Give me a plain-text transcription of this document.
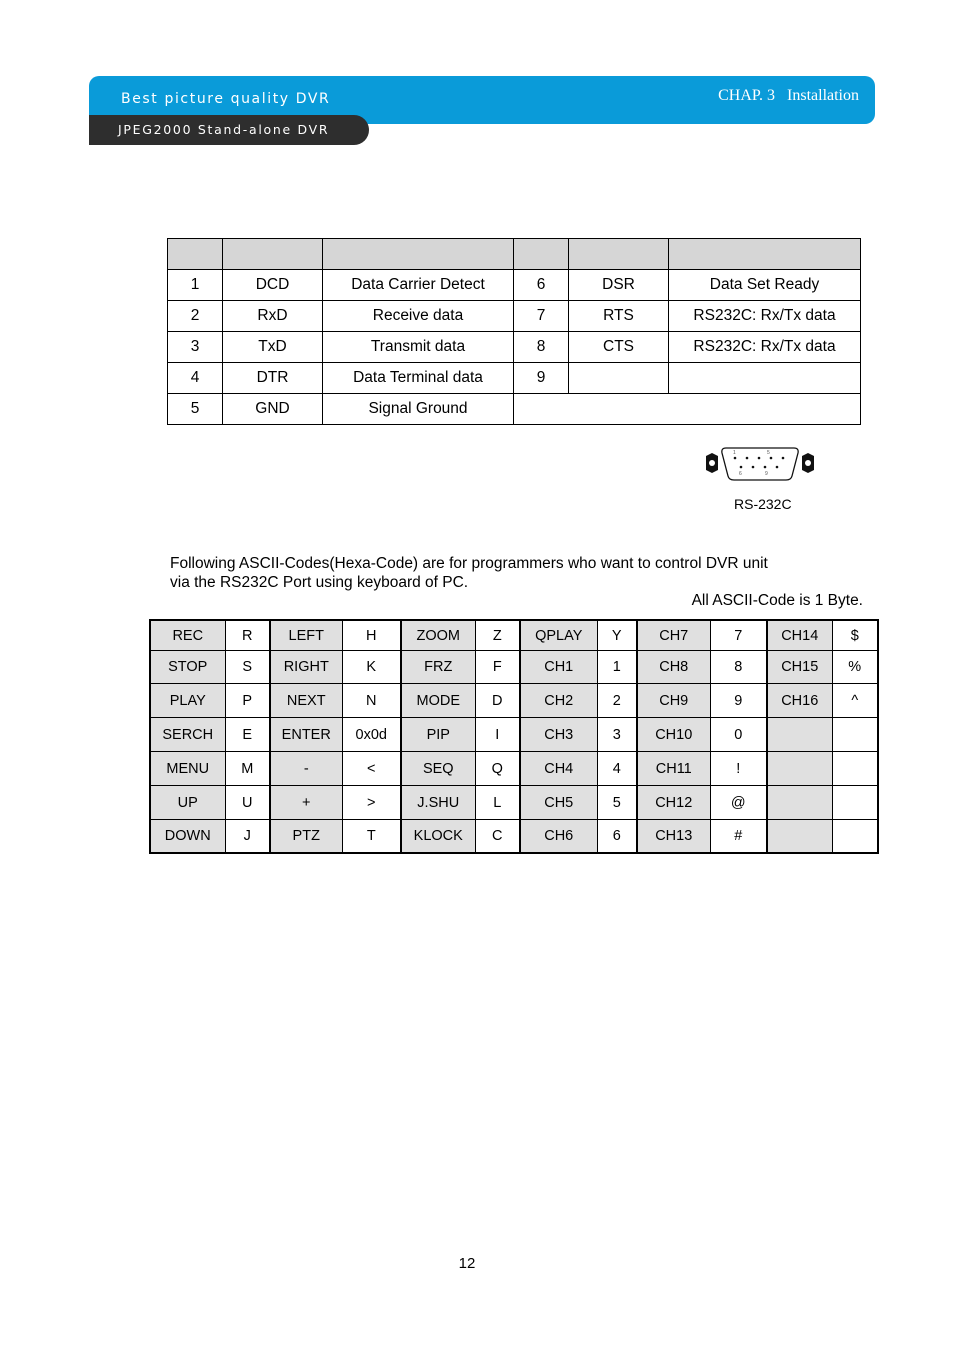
Best picture quality DVR	CHAP. 3   Installation
JPEG2000 Stand-alone DVR

1	DCD	Data Carrier Detect	6	DSR	Data Set Ready
2	RxD	Receive data	7	RTS	RS232C: Rx/Tx data
3	TxD	Transmit data	8	CTS	RS232C: Rx/Tx data
4	DTR	Data Terminal data	9		
5	GND	Signal Ground			
1	5
6	9
RS-232C
Following ASCII-Codes(Hexa-Code) are for programmers who want to control DVR unit
via the RS232C Port using keyboard of PC.
All ASCII-Code is 1 Byte.
REC	R	LEFT	H	ZOOM	Z	QPLAY	Y	CH7	7	CH14	$
STOP	S	RIGHT	K	FRZ	F	CH1	1	CH8	8	CH15	%
PLAY	P	NEXT	N	MODE	D	CH2	2	CH9	9	CH16	^
SERCH	E	ENTER	0x0d	PIP	I	CH3	3	CH10	0		
MENU	M	-	<	SEQ	Q	CH4	4	CH11	!		
UP	U	+	>	J.SHU	L	CH5	5	CH12	@		
DOWN	J	PTZ	T	KLOCK	C	CH6	6	CH13	#		
12
